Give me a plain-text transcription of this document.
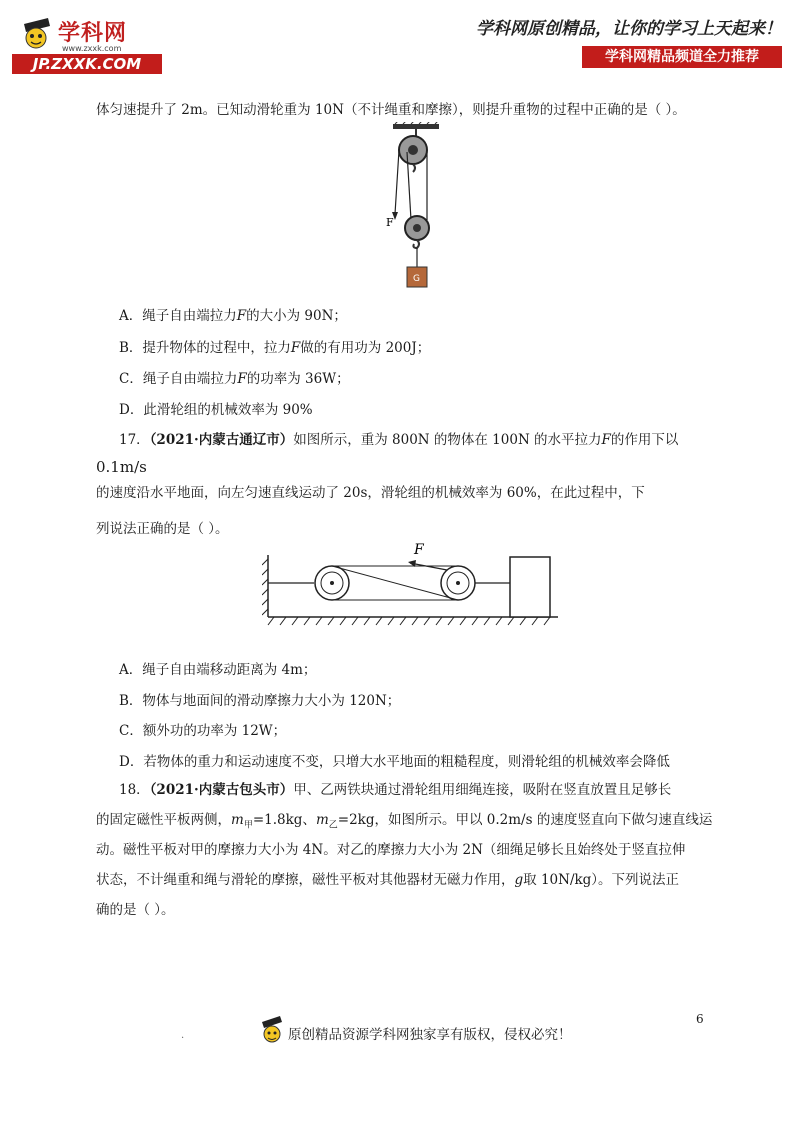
学科网
www.zxxk.com
JP.ZXXK.COM
学科网原创精品，让你的学习上天起来！
学科网精品频道全力推荐
体匀速提升了 2m。已知动滑轮重为 10N（不计绳重和摩擦），则提升重物的过程中正确的是（ ）。
F
G
A．绳子自由端拉力F的大小为 90N；
B．提升物体的过程中，拉力F做的有用功为 200J；
C．绳子自由端拉力F的功率为 36W；
D．此滑轮组的机械效率为 90%
17．（2021·内蒙古通辽市）如图所示，重为 800N 的物体在 100N 的水平拉力F的作用下以
0.1m/s
的速度沿水平地面，向左匀速直线运动了 20s，滑轮组的机械效率为 60%，在此过程中，下
列说法正确的是（ ）。
F
A．绳子自由端移动距离为 4m；
B．物体与地面间的滑动摩擦力大小为 120N；
C．额外功的功率为 12W；
D．若物体的重力和运动速度不变，只增大水平地面的粗糙程度，则滑轮组的机械效率会降低
18．（2021·内蒙古包头市）甲、乙两铁块通过滑轮组用细绳连接，吸附在竖直放置且足够长
的固定磁性平板两侧，$m_甲=1.8kg$、$m_乙=2kg$，如图所示。甲以 0.2m/s 的速度竖直向下做匀速直线运
动。磁性平板对甲的摩擦力大小为 4N。对乙的摩擦力大小为 2N（细绳足够长且始终处于竖直拉伸
状态，不计绳重和绳与滑轮的摩擦，磁性平板对其他器材无磁力作用，g取 10N/kg）。下列说法正
确的是（ ）。
6
.	原创精品资源学科网独家享有版权，侵权必究！
